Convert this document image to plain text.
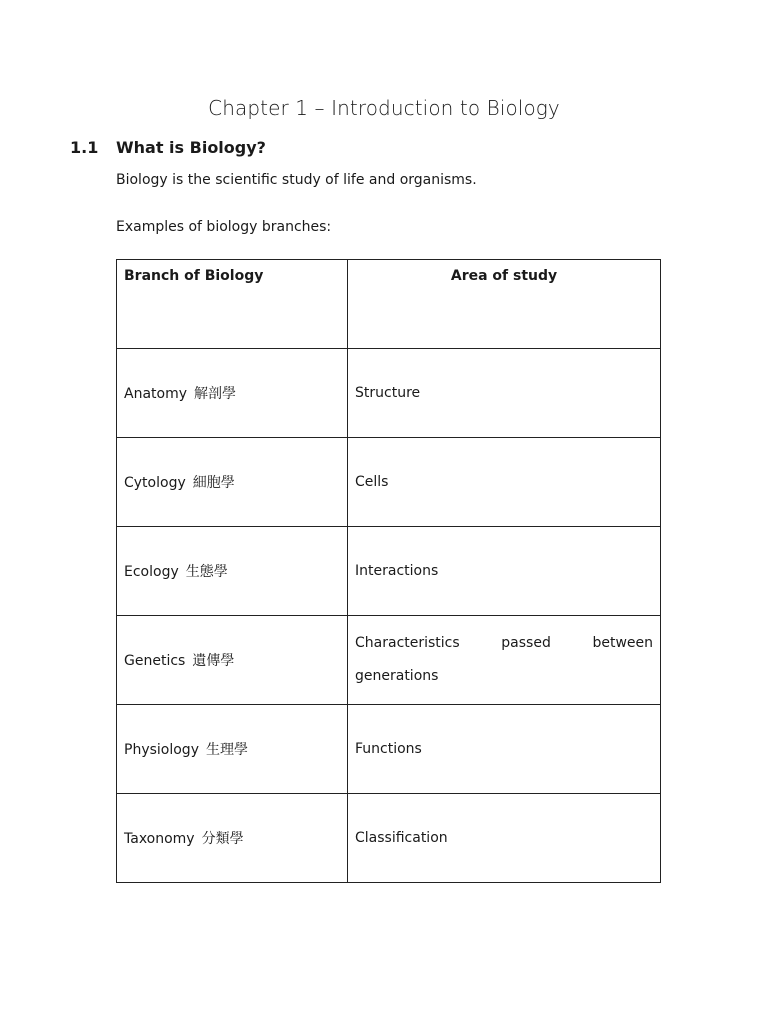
Chapter 1 – Introduction to Biology
1.1 What is Biology?
Biology is the scientific study of life and organisms.
Examples of biology branches:
Branch of Biology	Area of study
Anatomy 解剖學	Structure
Cytology 細胞學	Cells
Ecology 生態學	Interactions
Genetics 遺傳學	Characteristics passed between generations
Physiology 生理學	Functions
Taxonomy 分類學	Classification
